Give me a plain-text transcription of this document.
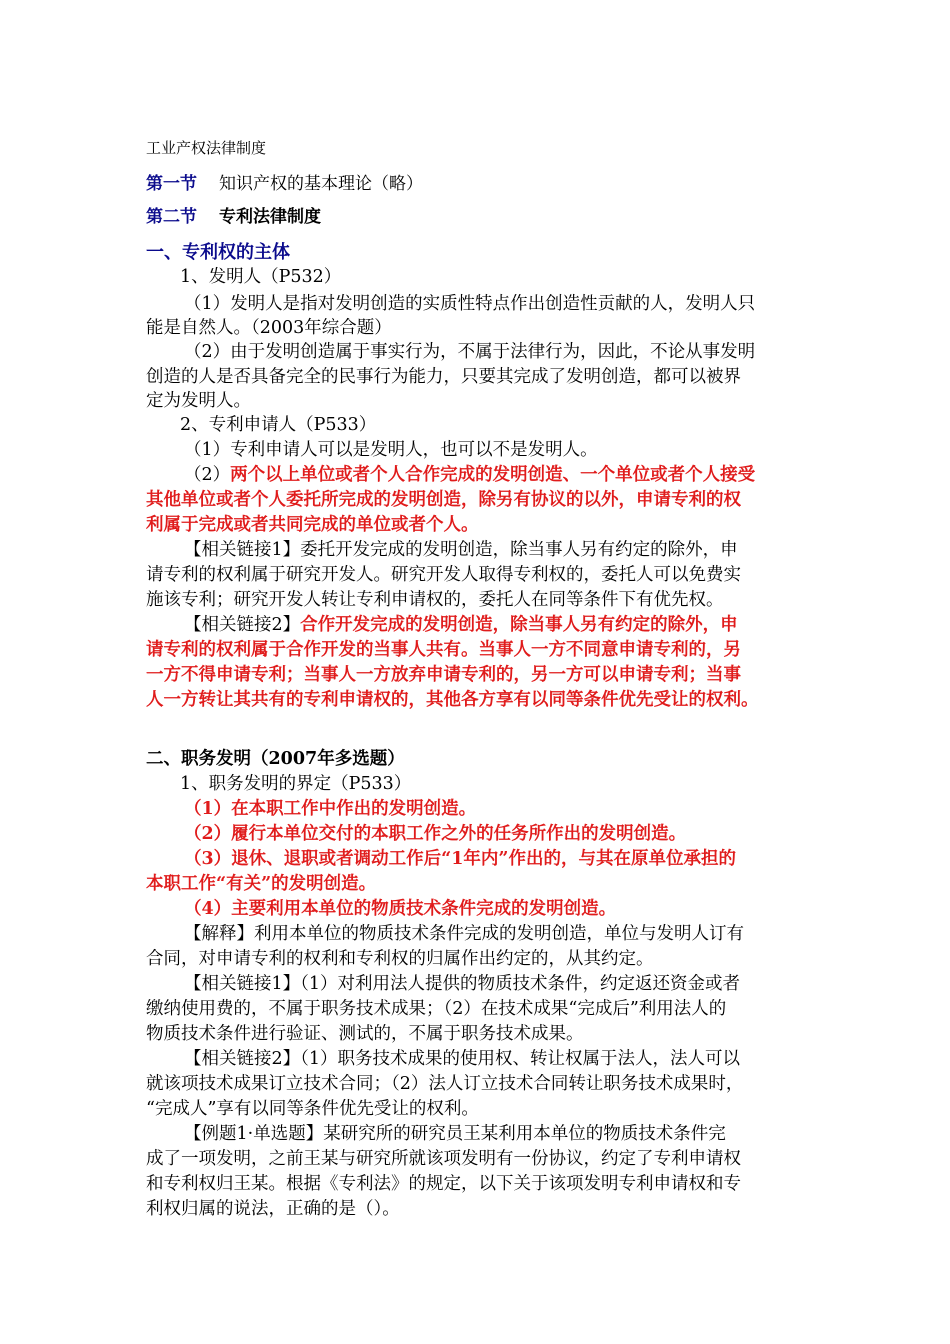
工业产权法律制度
第一节 知识产权的基本理论（略）
第二节 专利法律制度
一、专利权的主体
1、发明人（P532）
（1）发明人是指对发明创造的实质性特点作出创造性贡献的人，发明人只
能是自然人。（2003年综合题）
（2）由于发明创造属于事实行为，不属于法律行为，因此，不论从事发明
创造的人是否具备完全的民事行为能力，只要其完成了发明创造，都可以被界
定为发明人。
2、专利申请人（P533）
（1）专利申请人可以是发明人，也可以不是发明人。
（2）两个以上单位或者个人合作完成的发明创造、一个单位或者个人接受
其他单位或者个人委托所完成的发明创造，除另有协议的以外，申请专利的权
利属于完成或者共同完成的单位或者个人。
【相关链接1】委托开发完成的发明创造，除当事人另有约定的除外，申
请专利的权利属于研究开发人。研究开发人取得专利权的，委托人可以免费实
施该专利；研究开发人转让专利申请权的，委托人在同等条件下有优先权。
【相关链接2】合作开发完成的发明创造，除当事人另有约定的除外，申
请专利的权利属于合作开发的当事人共有。当事人一方不同意申请专利的，另
一方不得申请专利；当事人一方放弃申请专利的，另一方可以申请专利；当事
人一方转让其共有的专利申请权的，其他各方享有以同等条件优先受让的权利。
二、职务发明（2007年多选题）
1、职务发明的界定（P533）
（1）在本职工作中作出的发明创造。
（2）履行本单位交付的本职工作之外的任务所作出的发明创造。
（3）退休、退职或者调动工作后“1年内”作出的，与其在原单位承担的
本职工作“有关”的发明创造。
（4）主要利用本单位的物质技术条件完成的发明创造。
【解释】利用本单位的物质技术条件完成的发明创造，单位与发明人订有
合同，对申请专利的权利和专利权的归属作出约定的，从其约定。
【相关链接1】（1）对利用法人提供的物质技术条件，约定返还资金或者
缴纳使用费的，不属于职务技术成果；（2）在技术成果“完成后”利用法人的
物质技术条件进行验证、测试的，不属于职务技术成果。
【相关链接2】（1）职务技术成果的使用权、转让权属于法人，法人可以
就该项技术成果订立技术合同；（2）法人订立技术合同转让职务技术成果时，
“完成人”享有以同等条件优先受让的权利。
【例题1·单选题】某研究所的研究员王某利用本单位的物质技术条件完
成了一项发明，之前王某与研究所就该项发明有一份协议，约定了专利申请权
和专利权归王某。根据《专利法》的规定，以下关于该项发明专利申请权和专
利权归属的说法，正确的是（）。
